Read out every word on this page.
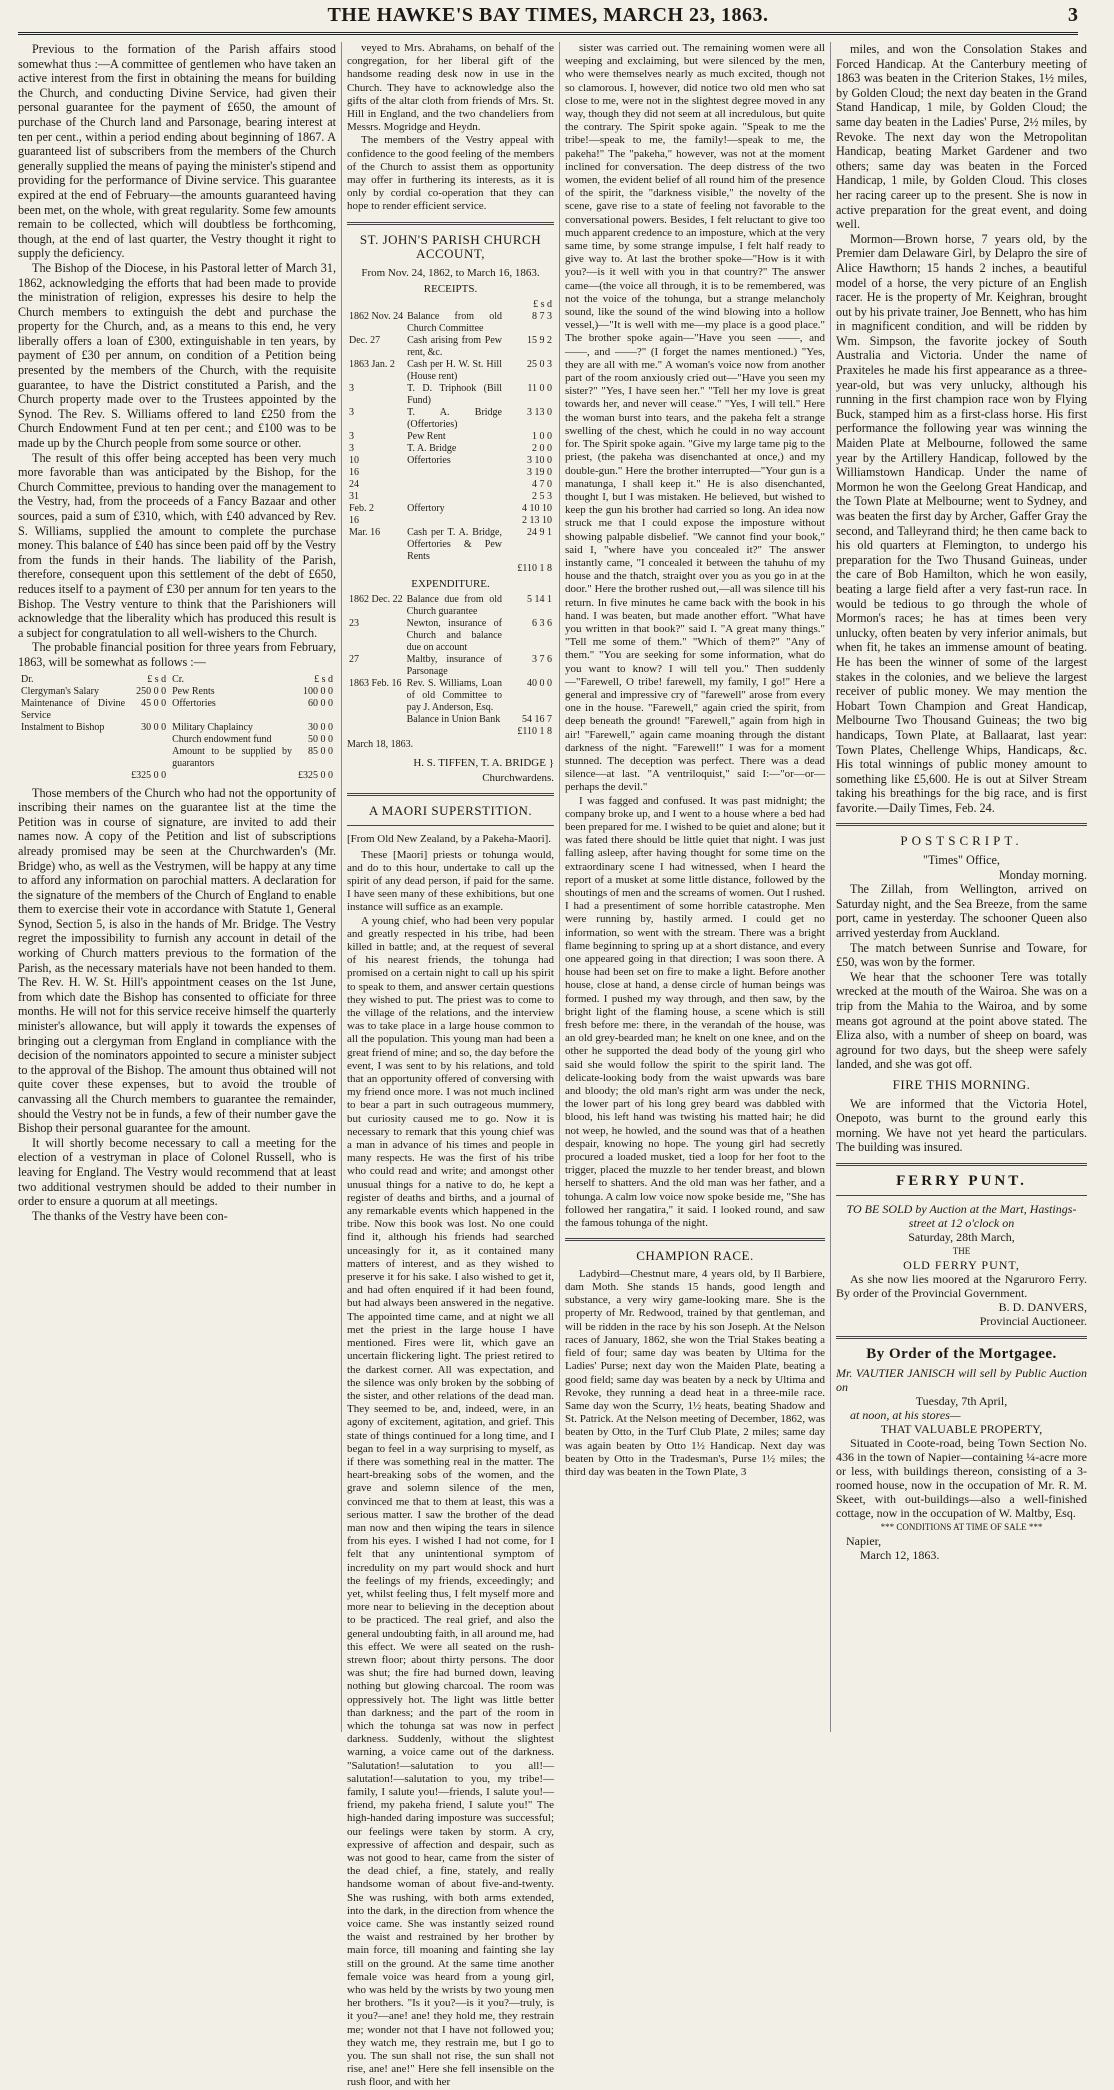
THE HAWKE'S BAY TIMES, MARCH 23, 1863.	3

Previous to the formation of the Parish affairs stood somewhat thus :—A committee of gentlemen who have taken an active interest from the first in obtaining the means for building the Church, and conducting Divine Service, had given their personal guarantee for the payment of £650, the amount of purchase of the Church land and Parsonage, bearing interest at ten per cent., within a period ending about beginning of 1867. A guaranteed list of subscribers from the members of the Church generally supplied the means of paying the minister's stipend and providing for the performance of Divine service. This guarantee expired at the end of February—the amounts guaranteed having been met, on the whole, with great regularity. Some few amounts remain to be collected, which will doubtless be forthcoming, though, at the end of last quarter, the Vestry thought it right to supply the deficiency.

The Bishop of the Diocese, in his Pastoral letter of March 31, 1862, acknowledging the efforts that had been made to provide the ministration of religion, expresses his desire to help the Church members to extinguish the debt and purchase the property for the Church, and, as a means to this end, he very liberally offers a loan of £300, extinguishable in ten years, by payment of £30 per annum, on condition of a Petition being presented by the members of the Church, with the requisite guarantee, to have the District constituted a Parish, and the Church property made over to the Trustees appointed by the Synod. The Rev. S. Williams offered to land £250 from the Church Endowment Fund at ten per cent.; and £100 was to be made up by the Church people from some source or other.

The result of this offer being accepted has been very much more favorable than was anticipated by the Bishop, for the Church Committee, previous to handing over the management to the Vestry, had, from the proceeds of a Fancy Bazaar and other sources, paid a sum of £310, which, with £40 advanced by Rev. S. Williams, supplied the amount to complete the purchase money. This balance of £40 has since been paid off by the Vestry from the funds in their hands. The liability of the Parish, therefore, consequent upon this settlement of the debt of £650, reduces itself to a payment of £30 per annum for ten years to the Bishop. The Vestry venture to think that the Parishioners will acknowledge that the liberality which has produced this result is a subject for congratulation to all well-wishers to the Church.

The probable financial position for three years from February, 1863, will be somewhat as follows :—

Dr.	£ s d	Cr.	£ s d
Clergyman's Salary	250 0 0	Pew Rents	100 0 0
Maintenance of Divine Service	45 0 0	Offertories	60 0 0
Instalment to Bishop	30 0 0	Military Chaplaincy	30 0 0
		Church endowment fund	50 0 0
		Amount to be supplied by guarantors	85 0 0
	£325 0 0		£325 0 0

Those members of the Church who had not the opportunity of inscribing their names on the guarantee list at the time the Petition was in course of signature, are invited to add their names now. A copy of the Petition and list of subscriptions already promised may be seen at the Churchwarden's (Mr. Bridge) who, as well as the Vestrymen, will be happy at any time to afford any information on parochial matters. A declaration for the signature of the members of the Church of England to enable them to exercise their vote in accordance with Statute 1, General Synod, Section 5, is also in the hands of Mr. Bridge. The Vestry regret the impossibility to furnish any account in detail of the working of Church matters previous to the formation of the Parish, as the necessary materials have not been handed to them. The Rev. H. W. St. Hill's appointment ceases on the 1st June, from which date the Bishop has consented to officiate for three months. He will not for this service receive himself the quarterly minister's allowance, but will apply it towards the expenses of bringing out a clergyman from England in compliance with the decision of the nominators appointed to secure a minister subject to the approval of the Bishop. The amount thus obtained will not quite cover these expenses, but to avoid the trouble of canvassing all the Church members to guarantee the remainder, should the Vestry not be in funds, a few of their number gave the Bishop their personal guarantee for the amount.

It will shortly become necessary to call a meeting for the election of a vestryman in place of Colonel Russell, who is leaving for England. The Vestry would recommend that at least two additional vestrymen should be added to their number in order to ensure a quorum at all meetings.

The thanks of the Vestry have been con-

veyed to Mrs. Abrahams, on behalf of the congregation, for her liberal gift of the handsome reading desk now in use in the Church. They have to acknowledge also the gifts of the altar cloth from friends of Mrs. St. Hill in England, and the two chandeliers from Messrs. Mogridge and Heydn.

The members of the Vestry appeal with confidence to the good feeling of the members of the Church to assist them as opportunity may offer in furthering its interests, as it is only by cordial co-operation that they can hope to render efficient service.

ST. JOHN'S PARISH CHURCH ACCOUNT,
From Nov. 24, 1862, to March 16, 1863.
RECEIPTS.
		£ s d
1862 Nov. 24	Balance from old Church Committee	8 7 3
Dec. 27	Cash arising from Pew rent, &c.	15 9 2
1863 Jan. 2	Cash per H. W. St. Hill (House rent)	25 0 3
3	T. D. Triphook (Bill Fund)	11 0 0
3	T. A. Bridge (Offertories)	3 13 0
3	Pew Rent	1 0 0
3	T. A. Bridge	2 0 0
10	Offertories	3 10 0
16		3 19 0
24		4 7 0
31		2 5 3
Feb. 2	Offertory	4 10 10
16		2 13 10
Mar. 16	Cash per T. A. Bridge, Offertories & Pew Rents	24 9 1
		£110 1 8
EXPENDITURE.
1862 Dec. 22	Balance due from old Church guarantee	5 14 1
23	Newton, insurance of Church and balance due on account	6 3 6
27	Maltby, insurance of Parsonage	3 7 6
1863 Feb. 16	Rev. S. Williams, Loan of old Committee to pay J. Anderson, Esq.	40 0 0
	Balance in Union Bank	54 16 7
		£110 1 8
March 18, 1863.
H. S. TIFFEN, T. A. BRIDGE } Churchwardens.
A MAORI SUPERSTITION.
[From Old New Zealand, by a Pakeha-Maori].

These [Maori] priests or tohunga would, and do to this hour, undertake to call up the spirit of any dead person, if paid for the same. I have seen many of these exhibitions, but one instance will suffice as an example.

A young chief, who had been very popular and greatly respected in his tribe, had been killed in battle; and, at the request of several of his nearest friends, the tohunga had promised on a certain night to call up his spirit to speak to them, and answer certain questions they wished to put. The priest was to come to the village of the relations, and the interview was to take place in a large house common to all the population. This young man had been a great friend of mine; and so, the day before the event, I was sent to by his relations, and told that an opportunity offered of conversing with my friend once more. I was not much inclined to bear a part in such outrageous mummery, but curiosity caused me to go. Now it is necessary to remark that this young chief was a man in advance of his times and people in many respects. He was the first of his tribe who could read and write; and amongst other unusual things for a native to do, he kept a register of deaths and births, and a journal of any remarkable events which happened in the tribe. Now this book was lost. No one could find it, although his friends had searched unceasingly for it, as it contained many matters of interest, and as they wished to preserve it for his sake. I also wished to get it, and had often enquired if it had been found, but had always been answered in the negative. The appointed time came, and at night we all met the priest in the large house I have mentioned. Fires were lit, which gave an uncertain flickering light. The priest retired to the darkest corner. All was expectation, and the silence was only broken by the sobbing of the sister, and other relations of the dead man. They seemed to be, and, indeed, were, in an agony of excitement, agitation, and grief. This state of things continued for a long time, and I began to feel in a way surprising to myself, as if there was something real in the matter. The heart-breaking sobs of the women, and the grave and solemn silence of the men, convinced me that to them at least, this was a serious matter. I saw the brother of the dead man now and then wiping the tears in silence from his eyes. I wished I had not come, for I felt that any unintentional symptom of incredulity on my part would shock and hurt the feelings of my friends, exceedingly; and yet, whilst feeling thus, I felt myself more and more near to believing in the deception about to be practiced. The real grief, and also the general undoubting faith, in all around me, had this effect. We were all seated on the rush-strewn floor; about thirty persons. The door was shut; the fire had burned down, leaving nothing but glowing charcoal. The room was oppressively hot. The light was little better than darkness; and the part of the room in which the tohunga sat was now in perfect darkness. Suddenly, without the slightest warning, a voice came out of the darkness. "Salutation!—salutation to you all!—salutation!—salutation to you, my tribe!—family, I salute you!—friends, I salute you!—friend, my pakeha friend, I salute you!" The high-handed daring imposture was successful; our feelings were taken by storm. A cry, expressive of affection and despair, such as was not good to hear, came from the sister of the dead chief, a fine, stately, and really handsome woman of about five-and-twenty. She was rushing, with both arms extended, into the dark, in the direction from whence the voice came. She was instantly seized round the waist and restrained by her brother by main force, till moaning and fainting she lay still on the ground. At the same time another female voice was heard from a young girl, who was held by the wrists by two young men her brothers. "Is it you?—is it you?—truly, is it you?—ane! ane! they hold me, they restrain me; wonder not that I have not followed you; they watch me, they restrain me, but I go to you. The sun shall not rise, the sun shall not rise, ane! ane!" Here she fell insensible on the rush floor, and with her

sister was carried out. The remaining women were all weeping and exclaiming, but were silenced by the men, who were themselves nearly as much excited, though not so clamorous. I, however, did notice two old men who sat close to me, were not in the slightest degree moved in any way, though they did not seem at all incredulous, but quite the contrary. The Spirit spoke again. "Speak to me the tribe!—speak to me, the family!—speak to me, the pakeha!" The "pakeha," however, was not at the moment inclined for conversation. The deep distress of the two women, the evident belief of all round him of the presence of the spirit, the "darkness visible," the novelty of the scene, gave rise to a state of feeling not favorable to the conversational powers. Besides, I felt reluctant to give too much apparent credence to an imposture, which at the very same time, by some strange impulse, I felt half ready to give way to. At last the brother spoke—"How is it with you?—is it well with you in that country?" The answer came—(the voice all through, it is to be remembered, was not the voice of the tohunga, but a strange melancholy sound, like the sound of the wind blowing into a hollow vessel,)—"It is well with me—my place is a good place." The brother spoke again—"Have you seen ——, and ——, and ——?" (I forget the names mentioned.) "Yes, they are all with me." A woman's voice now from another part of the room anxiously cried out—"Have you seen my sister?" "Yes, I have seen her." "Tell her my love is great towards her, and never will cease." "Yes, I will tell." Here the woman burst into tears, and the pakeha felt a strange swelling of the chest, which he could in no way account for. The Spirit spoke again. "Give my large tame pig to the priest, (the pakeha was disenchanted at once,) and my double-gun." Here the brother interrupted—"Your gun is a manatunga, I shall keep it." He is also disenchanted, thought I, but I was mistaken. He believed, but wished to keep the gun his brother had carried so long. An idea now struck me that I could expose the imposture without showing palpable disbelief. "We cannot find your book," said I, "where have you concealed it?" The answer instantly came, "I concealed it between the tahuhu of my house and the thatch, straight over you as you go in at the door." Here the brother rushed out,—all was silence till his return. In five minutes he came back with the book in his hand. I was beaten, but made another effort. "What have you written in that book?" said I. "A great many things." "Tell me some of them." "Which of them?" "Any of them." "You are seeking for some information, what do you want to know? I will tell you." Then suddenly—"Farewell, O tribe! farewell, my family, I go!" Here a general and impressive cry of "farewell" arose from every one in the house. "Farewell," again cried the spirit, from deep beneath the ground! "Farewell," again from high in air! "Farewell," again came moaning through the distant darkness of the night. "Farewell!" I was for a moment stunned. The deception was perfect. There was a dead silence—at last. "A ventriloquist," said I:—"or—or—perhaps the devil."

I was fagged and confused. It was past midnight; the company broke up, and I went to a house where a bed had been prepared for me. I wished to be quiet and alone; but it was fated there should be little quiet that night. I was just falling asleep, after having thought for some time on the extraordinary scene I had witnessed, when I heard the report of a musket at some little distance, followed by the shoutings of men and the screams of women. Out I rushed. I had a presentiment of some horrible catastrophe. Men were running by, hastily armed. I could get no information, so went with the stream. There was a bright flame beginning to spring up at a short distance, and every one appeared going in that direction; I was soon there. A house had been set on fire to make a light. Before another house, close at hand, a dense circle of human beings was formed. I pushed my way through, and then saw, by the bright light of the flaming house, a scene which is still fresh before me: there, in the verandah of the house, was an old grey-bearded man; he knelt on one knee, and on the other he supported the dead body of the young girl who said she would follow the spirit to the spirit land. The delicate-looking body from the waist upwards was bare and bloody; the old man's right arm was under the neck, the lower part of his long grey beard was dabbled with blood, his left hand was twisting his matted hair; he did not weep, he howled, and the sound was that of a heathen despair, knowing no hope. The young girl had secretly procured a loaded musket, tied a loop for her foot to the trigger, placed the muzzle to her tender breast, and blown herself to shatters. And the old man was her father, and a tohunga. A calm low voice now spoke beside me, "She has followed her rangatira," it said. I looked round, and saw the famous tohunga of the night.

CHAMPION RACE.

Ladybird—Chestnut mare, 4 years old, by Il Barbiere, dam Moth. She stands 15 hands, good length and substance, a very wiry game-looking mare. She is the property of Mr. Redwood, trained by that gentleman, and will be ridden in the race by his son Joseph. At the Nelson races of January, 1862, she won the Trial Stakes beating a field of four; same day was beaten by Ultima for the Ladies' Purse; next day won the Maiden Plate, beating a good field; same day was beaten by a neck by Ultima and Revoke, they running a dead heat in a three-mile race. Same day won the Scurry, 1½ heats, beating Shadow and St. Patrick. At the Nelson meeting of December, 1862, was beaten by Otto, in the Turf Club Plate, 2 miles; same day was again beaten by Otto 1½ Handicap. Next day was beaten by Otto in the Tradesman's, Purse 1½ miles; the third day was beaten in the Town Plate, 3

miles, and won the Consolation Stakes and Forced Handicap. At the Canterbury meeting of 1863 was beaten in the Criterion Stakes, 1½ miles, by Golden Cloud; the next day beaten in the Grand Stand Handicap, 1 mile, by Golden Cloud; the same day beaten in the Ladies' Purse, 2½ miles, by Revoke. The next day won the Metropolitan Handicap, beating Market Gardener and two others; same day was beaten in the Forced Handicap, 1 mile, by Golden Cloud. This closes her racing career up to the present. She is now in active preparation for the great event, and doing well.

Mormon—Brown horse, 7 years old, by the Premier dam Delaware Girl, by Delapro the sire of Alice Hawthorn; 15 hands 2 inches, a beautiful model of a horse, the very picture of an English racer. He is the property of Mr. Keighran, brought out by his private trainer, Joe Bennett, who has him in magnificent condition, and will be ridden by Wm. Simpson, the favorite jockey of South Australia and Victoria. Under the name of Praxiteles he made his first appearance as a three-year-old, but was very unlucky, although his running in the first champion race won by Flying Buck, stamped him as a first-class horse. His first performance the following year was winning the Maiden Plate at Melbourne, followed the same year by the Artillery Handicap, followed by the Williamstown Handicap. Under the name of Mormon he won the Geelong Great Handicap, and the Town Plate at Melbourne; went to Sydney, and was beaten the first day by Archer, Gaffer Gray the second, and Talleyrand third; he then came back to his old quarters at Flemington, to undergo his preparation for the Two Thusand Guineas, under the care of Bob Hamilton, which he won easily, beating a large field after a very fast-run race. In would be tedious to go through the whole of Mormon's races; he has at times been very unlucky, often beaten by very inferior animals, but when fit, he takes an immense amount of beating. He has been the winner of some of the largest stakes in the colonies, and we believe the largest receiver of public money. We may mention the Hobart Town Champion and Great Handicap, Melbourne Two Thousand Guineas; the two big handicaps, Town Plate, at Ballaarat, last year: Town Plates, Chellenge Whips, Handicaps, &c. His total winnings of public money amount to something like £5,600. He is out at Silver Stream taking his breathings for the big race, and is first favorite.—Daily Times, Feb. 24.

POSTSCRIPT.
"Times" Office,
Monday morning.

The Zillah, from Wellington, arrived on Saturday night, and the Sea Breeze, from the same port, came in yesterday. The schooner Queen also arrived yesterday from Auckland.

The match between Sunrise and Toware, for £50, was won by the former.

We hear that the schooner Tere was totally wrecked at the mouth of the Wairoa. She was on a trip from the Mahia to the Wairoa, and by some means got aground at the point above stated. The Eliza also, with a number of sheep on board, was aground for two days, but the sheep were safely landed, and she was got off.

FIRE THIS MORNING.

We are informed that the Victoria Hotel, Onepoto, was burnt to the ground early this morning. We have not yet heard the particulars. The building was insured.

FERRY PUNT.
TO BE SOLD by Auction at the Mart, Hastings-street at 12 o'clock on
Saturday, 28th March,
THE
OLD FERRY PUNT,

As she now lies moored at the Ngaruroro Ferry. By order of the Provincial Government.

B. D. DANVERS,
Provincial Auctioneer.
By Order of the Mortgagee.
Mr. VAUTIER JANISCH will sell by Public Auction on
Tuesday, 7th April,
at noon, at his stores—
THAT VALUABLE PROPERTY,

Situated in Coote-road, being Town Section No. 436 in the town of Napier—containing ¼-acre more or less, with buildings thereon, consisting of a 3-roomed house, now in the occupation of Mr. R. M. Skeet, with out-buildings—also a well-finished cottage, now in the occupation of W. Maltby, Esq.

*** CONDITIONS AT TIME OF SALE ***
Napier,
March 12, 1863.
